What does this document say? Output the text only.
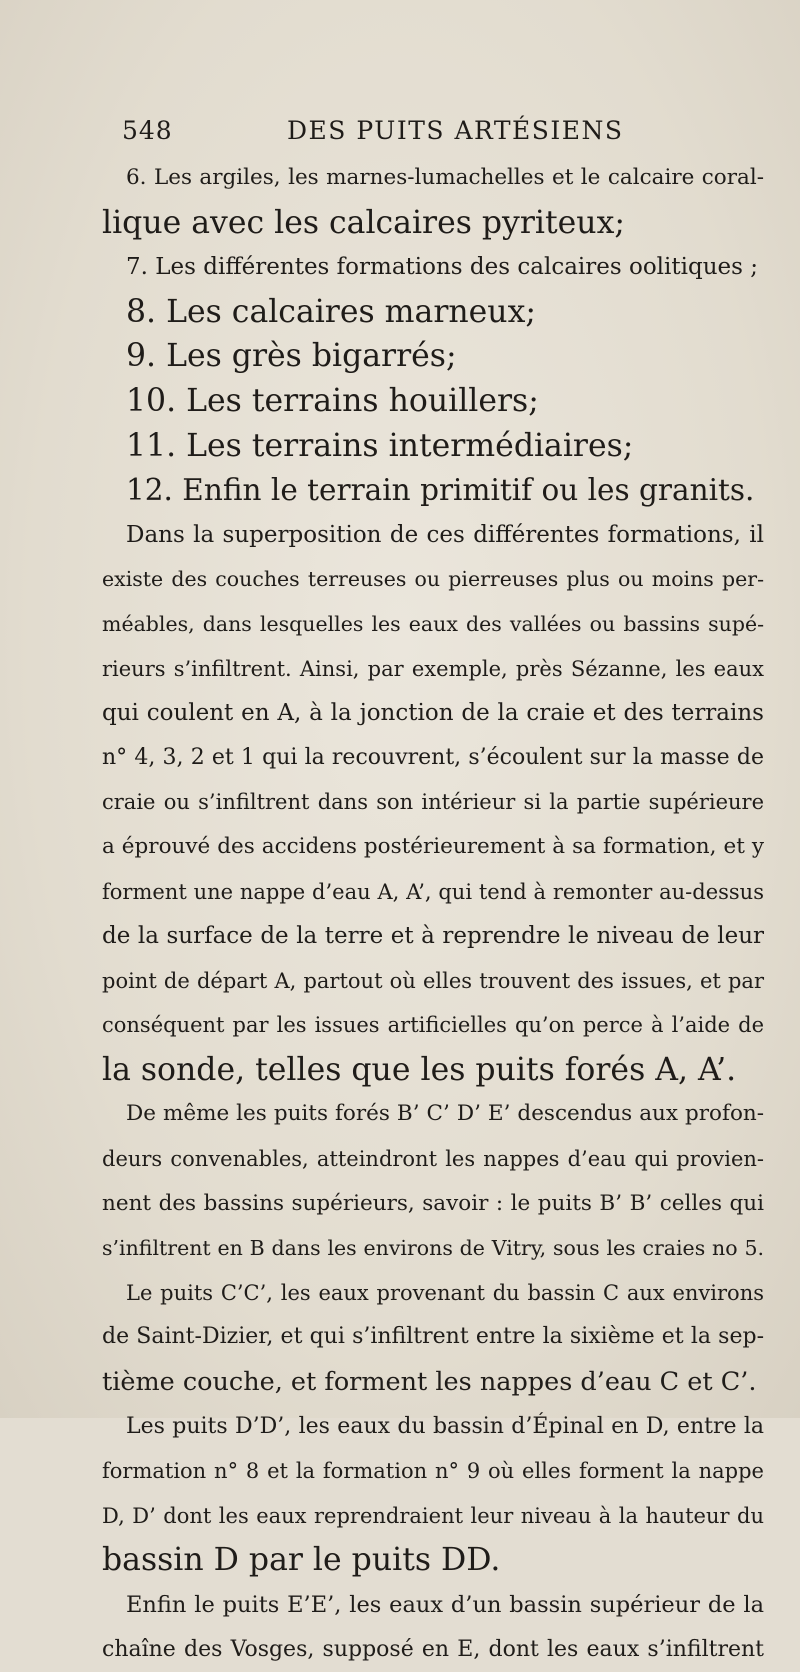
548	DES PUITS ARTÉSIENS
6. Les argiles, les marnes-lumachelles et le calcaire coral-
lique avec les calcaires pyriteux;
7. Les différentes formations des calcaires oolitiques ;
8. Les calcaires marneux;
9. Les grès bigarrés;
10. Les terrains houillers;
11. Les terrains intermédiaires;
12. Enfin le terrain primitif ou les granits.
Dans la superposition de ces différentes formations, il
existe des couches terreuses ou pierreuses plus ou moins per-
méables, dans lesquelles les eaux des vallées ou bassins supé-
rieurs s’infiltrent. Ainsi, par exemple, près Sézanne, les eaux
qui coulent en A, à la jonction de la craie et des terrains
n° 4, 3, 2 et 1 qui la recouvrent, s’écoulent sur la masse de
craie ou s’infiltrent dans son intérieur si la partie supérieure
a éprouvé des accidens postérieurement à sa formation, et y
forment une nappe d’eau A, A’, qui tend à remonter au-dessus
de la surface de la terre et à reprendre le niveau de leur
point de départ A, partout où elles trouvent des issues, et par
conséquent par les issues artificielles qu’on perce à l’aide de
la sonde, telles que les puits forés A, A’.
De même les puits forés B’ C’ D’ E’ descendus aux profon-
deurs convenables, atteindront les nappes d’eau qui provien-
nent des bassins supérieurs, savoir : le puits B’ B’ celles qui
s’infiltrent en B dans les environs de Vitry, sous les craies no 5.
Le puits C’C’, les eaux provenant du bassin C aux environs
de Saint-Dizier, et qui s’infiltrent entre la sixième et la sep-
tième couche, et forment les nappes d’eau C et C’.
Les puits D’D’, les eaux du bassin d’Épinal en D, entre la
formation n° 8 et la formation n° 9 où elles forment la nappe
D, D’ dont les eaux reprendraient leur niveau à la hauteur du
bassin D par le puits DD.
Enfin le puits E’E’, les eaux d’un bassin supérieur de la
chaîne des Vosges, supposé en E, dont les eaux s’infiltrent
